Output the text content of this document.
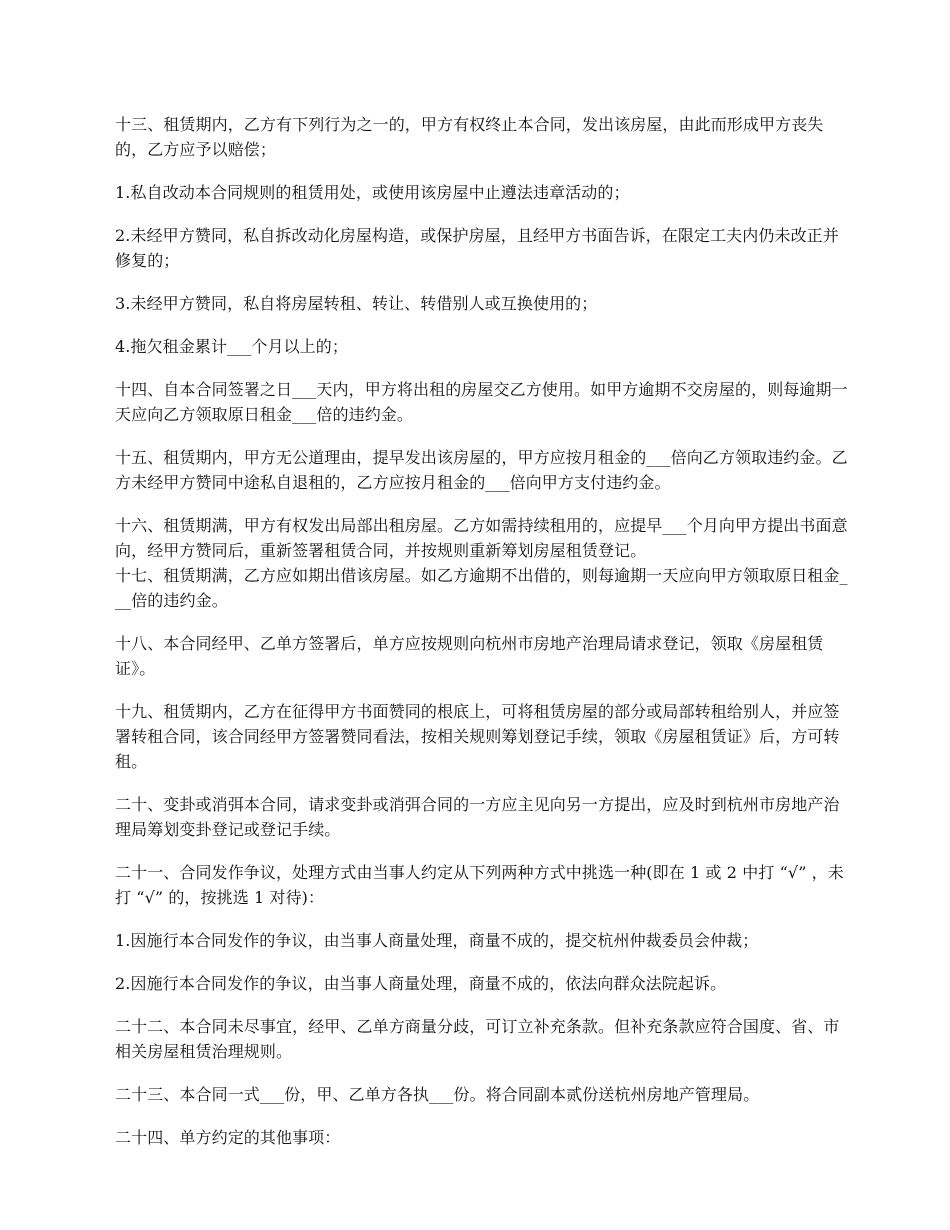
十三、租赁期内，乙方有下列行为之一的，甲方有权终止本合同，发出该房屋，由此而形成甲方丧失的，乙方应予以赔偿；

1.私自改动本合同规则的租赁用处，或使用该房屋中止遵法违章活动的；

2.未经甲方赞同，私自拆改动化房屋构造，或保护房屋，且经甲方书面告诉，在限定工夫内仍未改正并修复的；

3.未经甲方赞同，私自将房屋转租、转让、转借别人或互换使用的；

4.拖欠租金累计___个月以上的；

十四、自本合同签署之日___天内，甲方将出租的房屋交乙方使用。如甲方逾期不交房屋的，则每逾期一天应向乙方领取原日租金___倍的违约金。

十五、租赁期内，甲方无公道理由，提早发出该房屋的，甲方应按月租金的___倍向乙方领取违约金。乙方未经甲方赞同中途私自退租的，乙方应按月租金的___倍向甲方支付违约金。

十六、租赁期满，甲方有权发出局部出租房屋。乙方如需持续租用的，应提早___个月向甲方提出书面意向，经甲方赞同后，重新签署租赁合同，并按规则重新筹划房屋租赁登记。

十七、租赁期满，乙方应如期出借该房屋。如乙方逾期不出借的，则每逾期一天应向甲方领取原日租金___倍的违约金。

十八、本合同经甲、乙单方签署后，单方应按规则向杭州市房地产治理局请求登记，领取《房屋租赁证》。

十九、租赁期内，乙方在征得甲方书面赞同的根底上，可将租赁房屋的部分或局部转租给别人，并应签署转租合同，该合同经甲方签署赞同看法，按相关规则筹划登记手续，领取《房屋租赁证》后，方可转租。

二十、变卦或消弭本合同，请求变卦或消弭合同的一方应主见向另一方提出，应及时到杭州市房地产治理局筹划变卦登记或登记手续。

二十一、合同发作争议，处理方式由当事人约定从下列两种方式中挑选一种(即在 1 或 2 中打 “√” ，未打 “√” 的，按挑选 1 对待)：

1.因施行本合同发作的争议，由当事人商量处理，商量不成的，提交杭州仲裁委员会仲裁；

2.因施行本合同发作的争议，由当事人商量处理，商量不成的，依法向群众法院起诉。

二十二、本合同未尽事宜，经甲、乙单方商量分歧，可订立补充条款。但补充条款应符合国度、省、市相关房屋租赁治理规则。

二十三、本合同一式___份，甲、乙单方各执___份。将合同副本贰份送杭州房地产管理局。

二十四、单方约定的其他事项：
